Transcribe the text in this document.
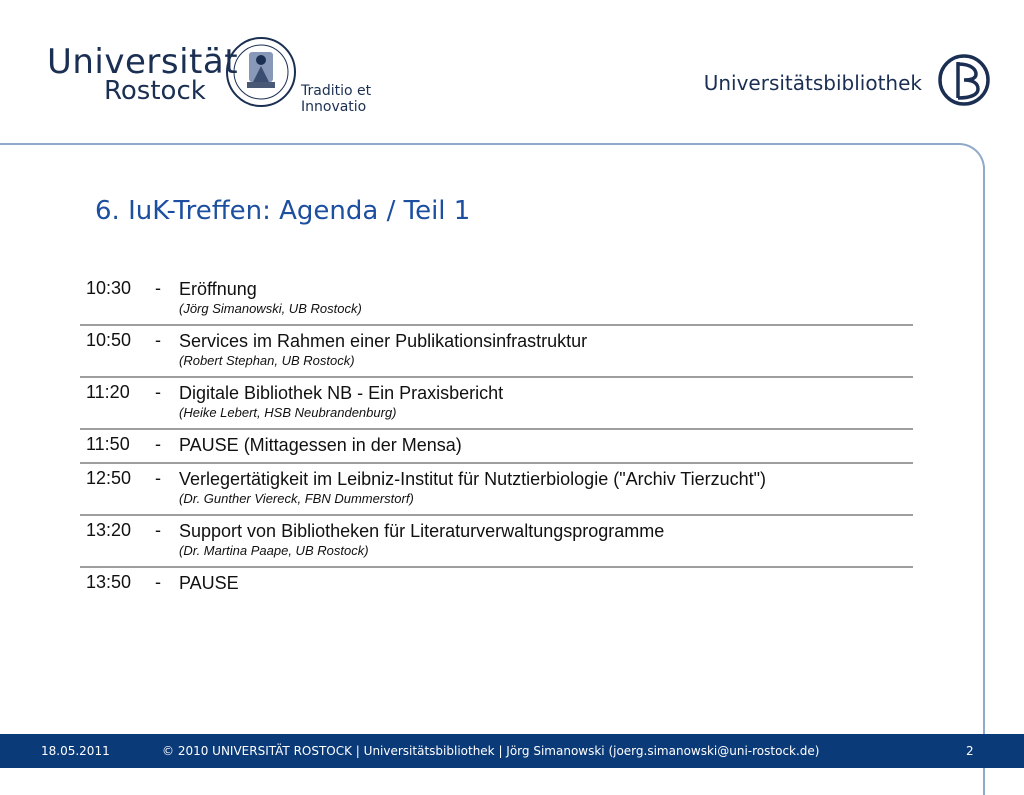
Universität
Rostock	Traditio et Innovatio
Universitätsbibliothek
6. IuK-Treffen: Agenda / Teil 1
10:30 - Eröffnung
(Jörg Simanowski, UB Rostock)
10:50 - Services im Rahmen einer Publikationsinfrastruktur
(Robert Stephan, UB Rostock)
11:20 - Digitale Bibliothek NB - Ein Praxisbericht
(Heike Lebert, HSB Neubrandenburg)
11:50 - PAUSE (Mittagessen in der Mensa)
12:50 - Verlegertätigkeit im Leibniz-Institut für Nutztierbiologie ("Archiv Tierzucht")
(Dr. Gunther Viereck, FBN Dummerstorf)
13:20 - Support von Bibliotheken für Literaturverwaltungsprogramme
(Dr. Martina Paape, UB Rostock)
13:50 - PAUSE
18.05.2011	© 2010 UNIVERSITÄT ROSTOCK | Universitätsbibliothek | Jörg Simanowski (joerg.simanowski@uni-rostock.de)	2
